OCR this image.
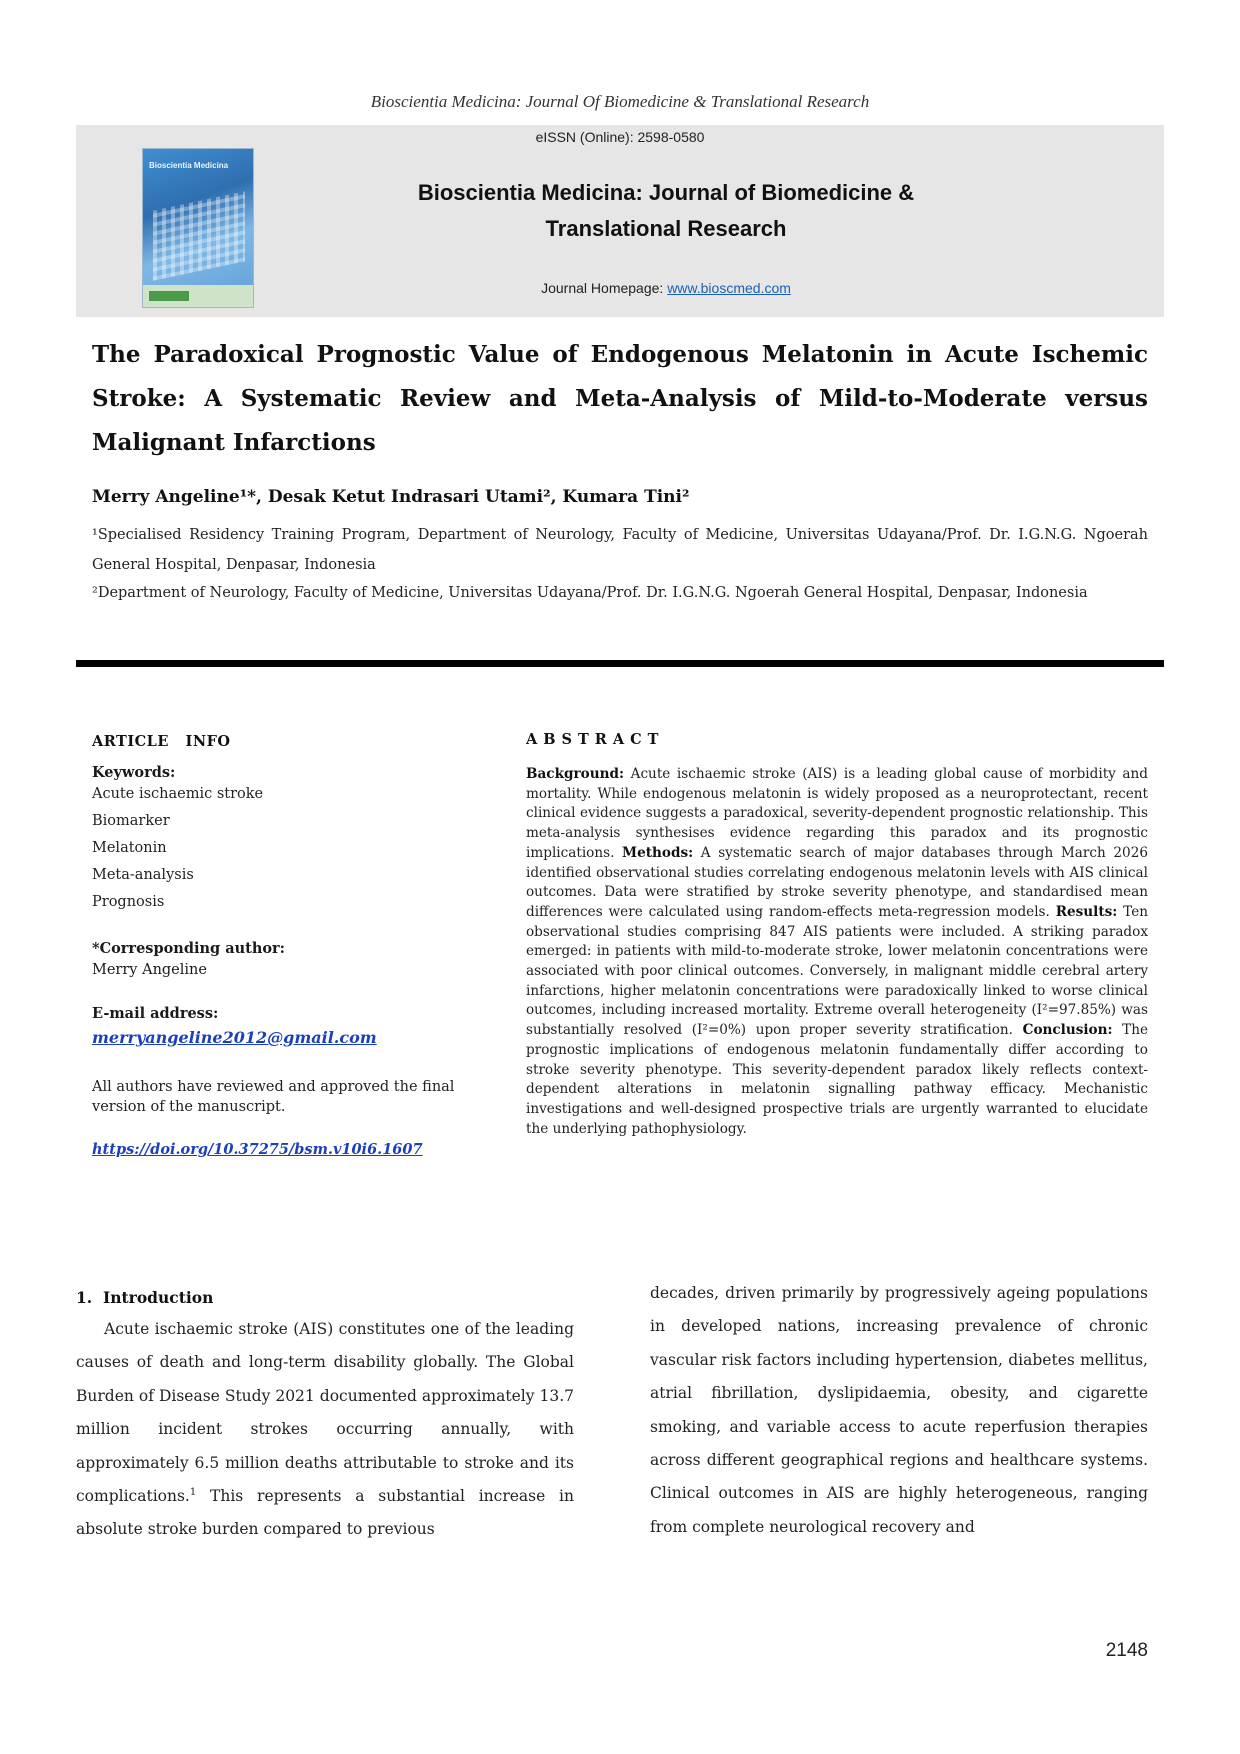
Bioscientia Medicina: Journal Of Biomedicine & Translational Research
eISSN (Online): 2598-0580
Bioscientia Medicina
Bioscientia Medicina: Journal of Biomedicine &
Translational Research
Journal Homepage: www.bioscmed.com
The Paradoxical Prognostic Value of Endogenous Melatonin in Acute Ischemic Stroke: A Systematic Review and Meta-Analysis of Mild-to-Moderate versus Malignant Infarctions
Merry Angeline¹*, Desak Ketut Indrasari Utami², Kumara Tini²
¹Specialised Residency Training Program, Department of Neurology, Faculty of Medicine, Universitas Udayana/Prof. Dr. I.G.N.G. Ngoerah General Hospital, Denpasar, Indonesia
²Department of Neurology, Faculty of Medicine, Universitas Udayana/Prof. Dr. I.G.N.G. Ngoerah General Hospital, Denpasar, Indonesia
ARTICLE   INFO
Keywords:
Acute ischaemic stroke
Biomarker
Melatonin
Meta-analysis
Prognosis
*Corresponding author:
Merry Angeline
E-mail address:
merryangeline2012@gmail.com
All authors have reviewed and approved the final version of the manuscript.
https://doi.org/10.37275/bsm.v10i6.1607
ABSTRACT

Background: Acute ischaemic stroke (AIS) is a leading global cause of morbidity and mortality. While endogenous melatonin is widely proposed as a neuroprotectant, recent clinical evidence suggests a paradoxical, severity-dependent prognostic relationship. This meta-analysis synthesises evidence regarding this paradox and its prognostic implications. Methods: A systematic search of major databases through March 2026 identified observational studies correlating endogenous melatonin levels with AIS clinical outcomes. Data were stratified by stroke severity phenotype, and standardised mean differences were calculated using random-effects meta-regression models. Results: Ten observational studies comprising 847 AIS patients were included. A striking paradox emerged: in patients with mild-to-moderate stroke, lower melatonin concentrations were associated with poor clinical outcomes. Conversely, in malignant middle cerebral artery infarctions, higher melatonin concentrations were paradoxically linked to worse clinical outcomes, including increased mortality. Extreme overall heterogeneity (I²=97.85%) was substantially resolved (I²=0%) upon proper severity stratification. Conclusion: The prognostic implications of endogenous melatonin fundamentally differ according to stroke severity phenotype. This severity-dependent paradox likely reflects context-dependent alterations in melatonin signalling pathway efficacy. Mechanistic investigations and well-designed prospective trials are urgently warranted to elucidate the underlying pathophysiology.

1.  Introduction

Acute ischaemic stroke (AIS) constitutes one of the leading causes of death and long-term disability globally. The Global Burden of Disease Study 2021 documented approximately 13.7 million incident strokes occurring annually, with approximately 6.5 million deaths attributable to stroke and its complications.$^1$ This represents a substantial increase in absolute stroke burden compared to previous

decades, driven primarily by progressively ageing populations in developed nations, increasing prevalence of chronic vascular risk factors including hypertension, diabetes mellitus, atrial fibrillation, dyslipidaemia, obesity, and cigarette smoking, and variable access to acute reperfusion therapies across different geographical regions and healthcare systems. Clinical outcomes in AIS are highly heterogeneous, ranging from complete neurological recovery and

2148
